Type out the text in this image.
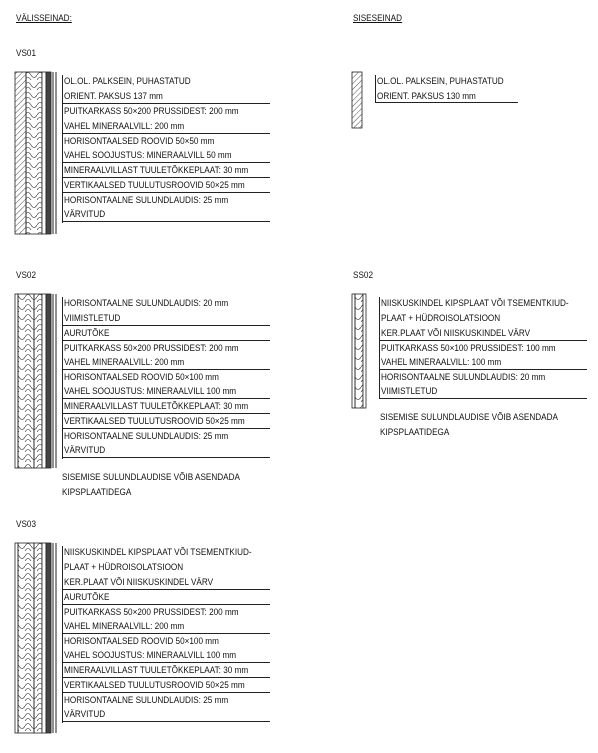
VÄLISSEINAD:	SISESEINAD
VS01
OL.OL. PALKSEIN, PUHASTATUD
ORIENT. PAKSUS 137 mm
PUITKARKASS 50×200 PRUSSIDEST: 200 mm
VAHEL MINERAALVILL: 200 mm
HORISONTAALSED ROOVID 50×50 mm
VAHEL SOOJUSTUS: MINERAALVILL 50 mm
MINERAALVILLAST TUULETÕKKEPLAAT: 30 mm
VERTIKAALSED TUULUTUSROOVID 50×25 mm
HORISONTAALNE SULUNDLAUDIS: 25 mm
VÄRVITUD
VS02
HORISONTAALNE SULUNDLAUDIS: 20 mm
VIIMISTLETUD
AURUTÕKE
PUITKARKASS 50×200 PRUSSIDEST: 200 mm
VAHEL MINERAALVILL: 200 mm
HORISONTAALSED ROOVID 50×100 mm
VAHEL SOOJUSTUS: MINERAALVILL 100 mm
MINERAALVILLAST TUULETÕKKEPLAAT: 30 mm
VERTIKAALSED TUULUTUSROOVID 50×25 mm
HORISONTAALNE SULUNDLAUDIS: 25 mm
VÄRVITUD
SISEMISE SULUNDLAUDISE VÕIB ASENDADA
KIPSPLAATIDEGA
VS03
NIISKUSKINDEL KIPSPLAAT VÕI TSEMENTKIUD-
PLAAT + HÜDROISOLATSIOON
KER.PLAAT VÕI NIISKUSKINDEL VÄRV
AURUTÕKE
PUITKARKASS 50×200 PRUSSIDEST: 200 mm
VAHEL MINERAALVILL: 200 mm
HORISONTAALSED ROOVID 50×100 mm
VAHEL SOOJUSTUS: MINERAALVILL 100 mm
MINERAALVILLAST TUULETÕKKEPLAAT: 30 mm
VERTIKAALSED TUULUTUSROOVID 50×25 mm
HORISONTAALNE SULUNDLAUDIS: 25 mm
VÄRVITUD
OL.OL. PALKSEIN, PUHASTATUD
ORIENT. PAKSUS 130 mm
SS02
NIISKUSKINDEL KIPSPLAAT VÕI TSEMENTKIUD-
PLAAT + HÜDROISOLATSIOON
KER.PLAAT VÕI NIISKUSKINDEL VÄRV
PUITKARKASS 50×100 PRUSSIDEST: 100 mm
VAHEL MINERAALVILL: 100 mm
HORISONTAALNE SULUNDLAUDIS: 20 mm
VIIMISTLETUD
SISEMISE SULUNDLAUDISE VÕIB ASENDADA
KIPSPLAATIDEGA
